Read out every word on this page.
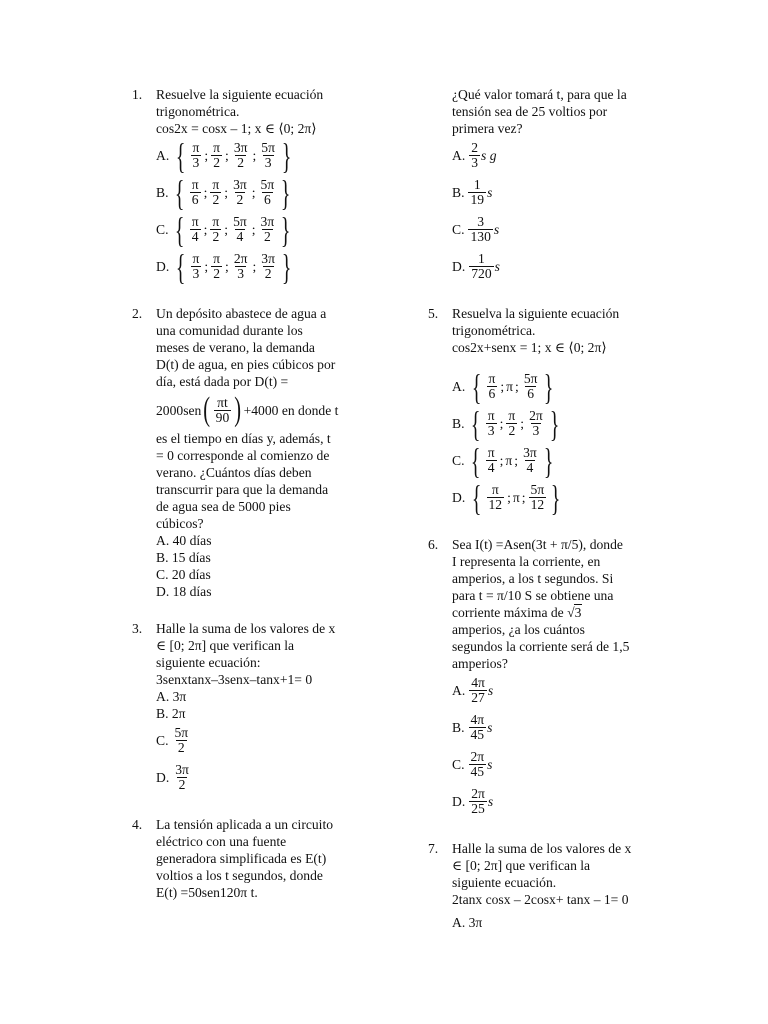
1. Resuelve la siguiente ecuación
trigonométrica.
cos2x = cosx – 1; x ∈ ⟨0; 2π⟩
A. { $\frac{\pi}{3}$ ; $\frac{\pi}{2}$ ; $\frac{3\pi}{2}$ ; $\frac{5\pi}{3}$ }
B. { $\frac{\pi}{6}$ ; $\frac{\pi}{2}$ ; $\frac{3\pi}{2}$ ; $\frac{5\pi}{6}$ }
C. { $\frac{\pi}{4}$ ; $\frac{\pi}{2}$ ; $\frac{5\pi}{4}$ ; $\frac{3\pi}{2}$ }
D. { $\frac{\pi}{3}$ ; $\frac{\pi}{2}$ ; $\frac{2\pi}{3}$ ; $\frac{3\pi}{2}$ }
2. Un depósito abastece de agua a
una comunidad durante los
meses de verano, la demanda
D(t) de agua, en pies cúbicos por
día, está dada por D(t) =
2000sen ( $\frac{\pi t}{90}$ ) +4000 en donde t
es el tiempo en días y, además, t
= 0 corresponde al comienzo de
verano. ¿Cuántos días deben
transcurrir para que la demanda
de agua sea de 5000 pies
cúbicos?
A. 40 días
B. 15 días
C. 20 días
D. 18 días
3. Halle la suma de los valores de x
∈ [0; 2π] que verifican la
siguiente ecuación:
3senxtanx–3senx–tanx+1= 0
A. 3π
B. 2π
C. $\frac{5\pi}{2}$
D. $\frac{3\pi}{2}$
4. La tensión aplicada a un circuito
eléctrico con una fuente
generadora simplificada es E(t)
voltios a los t segundos, donde
E(t) =50sen120π t.
¿Qué valor tomará t, para que la
tensión sea de 25 voltios por
primera vez?
A. $\frac{2}{3}$ s g
B. $\frac{1}{19}$ s
C. $\frac{3}{130}$ s
D. $\frac{1}{720}$ s
5. Resuelva la siguiente ecuación
trigonométrica.
cos2x+senx = 1; x ∈ ⟨0; 2π⟩
A. { $\frac{\pi}{6}$ ; π ; $\frac{5\pi}{6}$ }
B. { $\frac{\pi}{3}$ ; $\frac{\pi}{2}$ ; $\frac{2\pi}{3}$ }
C. { $\frac{\pi}{4}$ ; π ; $\frac{3\pi}{4}$ }
D. { $\frac{\pi}{12}$ ; π ; $\frac{5\pi}{12}$ }
6. Sea I(t) =Asen(3t + π/5), donde
I representa la corriente, en
amperios, a los t segundos. Si
para t = π/10 S se obtiene una
corriente máxima de √3
amperios, ¿a los cuántos
segundos la corriente será de 1,5
amperios?
A. $\frac{4\pi}{27}$ s
B. $\frac{4\pi}{45}$ s
C. $\frac{2\pi}{45}$ s
D. $\frac{2\pi}{25}$ s
7. Halle la suma de los valores de x
∈ [0; 2π] que verifican la
siguiente ecuación.
2tanx cosx – 2cosx+ tanx – 1= 0
A. 3π
